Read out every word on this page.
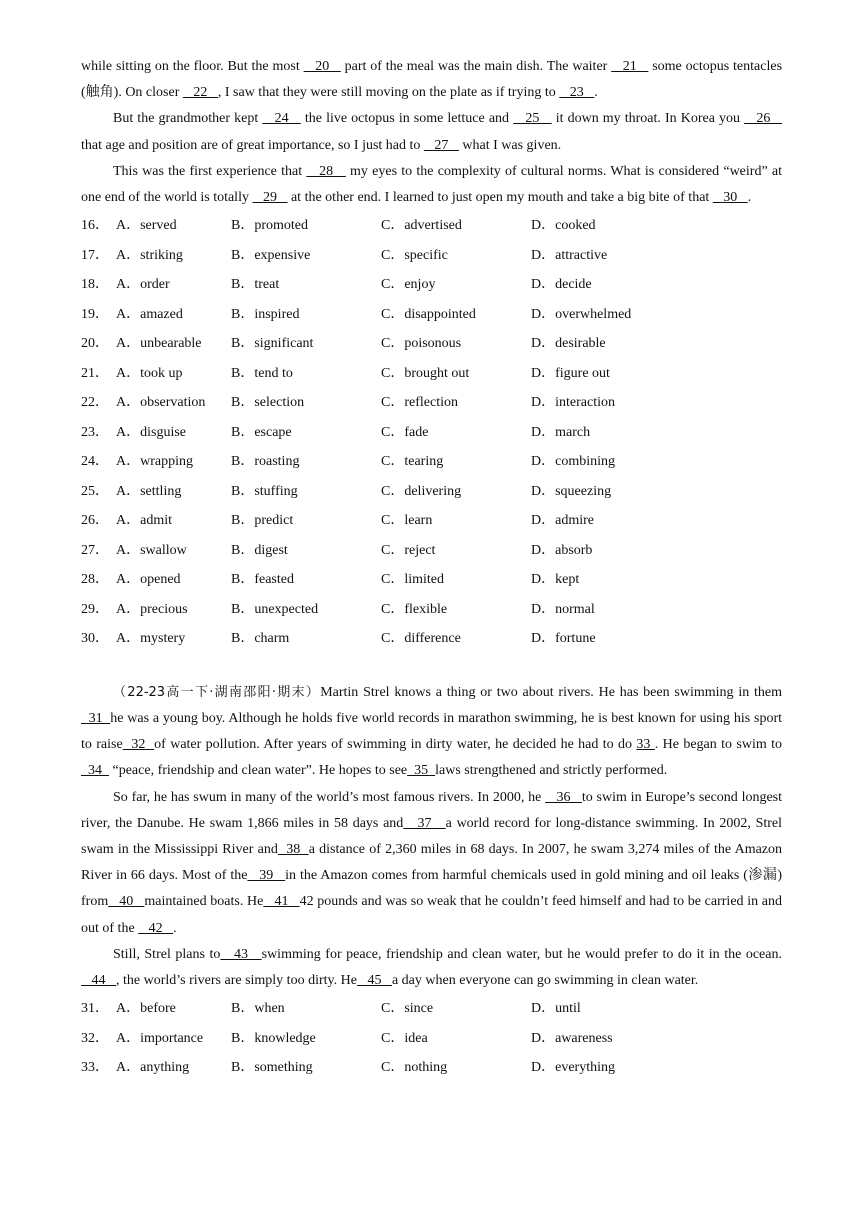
while sitting on the floor. But the most    20    part of the meal was the main dish. The waiter    21    some octopus tentacles (触角). On closer    22   , I saw that they were still moving on the plate as if trying to    23   .

But the grandmother kept    24    the live octopus in some lettuce and    25    it down my throat. In Korea you    26    that age and position are of great importance, so I just had to    27    what I was given.

This was the first experience that    28    my eyes to the complexity of cultural norms. What is considered “weird” at one end of the world is totally    29    at the other end. I learned to just open my mouth and take a big bite of that    30   .

16． A．served	B．promoted	C．advertised	D．cooked
17． A．striking	B．expensive	C．specific	D．attractive
18． A．order	B．treat	C．enjoy	D．decide
19． A．amazed	B．inspired	C．disappointed	D．overwhelmed
20． A．unbearable B．significant	C．poisonous	D．desirable
21． A．took up	B．tend to	C．brought out	D．figure out
22． A．observation B．selection	C．reflection	D．interaction
23． A．disguise	B．escape	C．fade	D．march
24． A．wrapping	B．roasting	C．tearing	D．combining
25． A．settling	B．stuffing	C．delivering	D．squeezing
26． A．admit	B．predict	C．learn	D．admire
27． A．swallow	B．digest	C．reject	D．absorb
28． A．opened	B．feasted	C．limited	D．kept
29． A．precious	B．unexpected	C．flexible	D．normal
30． A．mystery	B．charm	C．difference	D．fortune

（22-23高一下·湖南邵阳·期末）Martin Strel knows a thing or two about rivers. He has been swimming in them  31  he was a young boy. Although he holds five world records in marathon swimming, he is best known for using his sport to raise  32  of water pollution. After years of swimming in dirty water, he decided he had to do 33 . He began to swim to  34   “peace, friendship and clean water”. He hopes to see  35  laws strengthened and strictly performed.

So far, he has swum in many of the world’s most famous rivers. In 2000, he    36   to swim in Europe’s second longest river, the Danube. He swam 1,866 miles in 58 days and   37   a world record for long-distance swimming. In 2002, Strel swam in the Mississippi River and  38  a distance of 2,360 miles in 68 days. In 2007, he swam 3,274 miles of the Amazon River in 66 days. Most of the   39   in the Amazon comes from harmful chemicals used in gold mining and oil leaks (渗漏) from   40   maintained boats. He   41   42 pounds and was so weak that he couldn’t feed himself and had to be carried in and out of the    42   .

Still, Strel plans to   43   swimming for peace, friendship and clean water, but he would prefer to do it in the ocean.   44   , the world’s rivers are simply too dirty. He   45   a day when everyone can go swimming in clean water.

31． A．before	B．when	C．since	D．until
32． A．importance B．knowledge	C．idea	D．awareness
33． A．anything	B．something	C．nothing	D．everything
